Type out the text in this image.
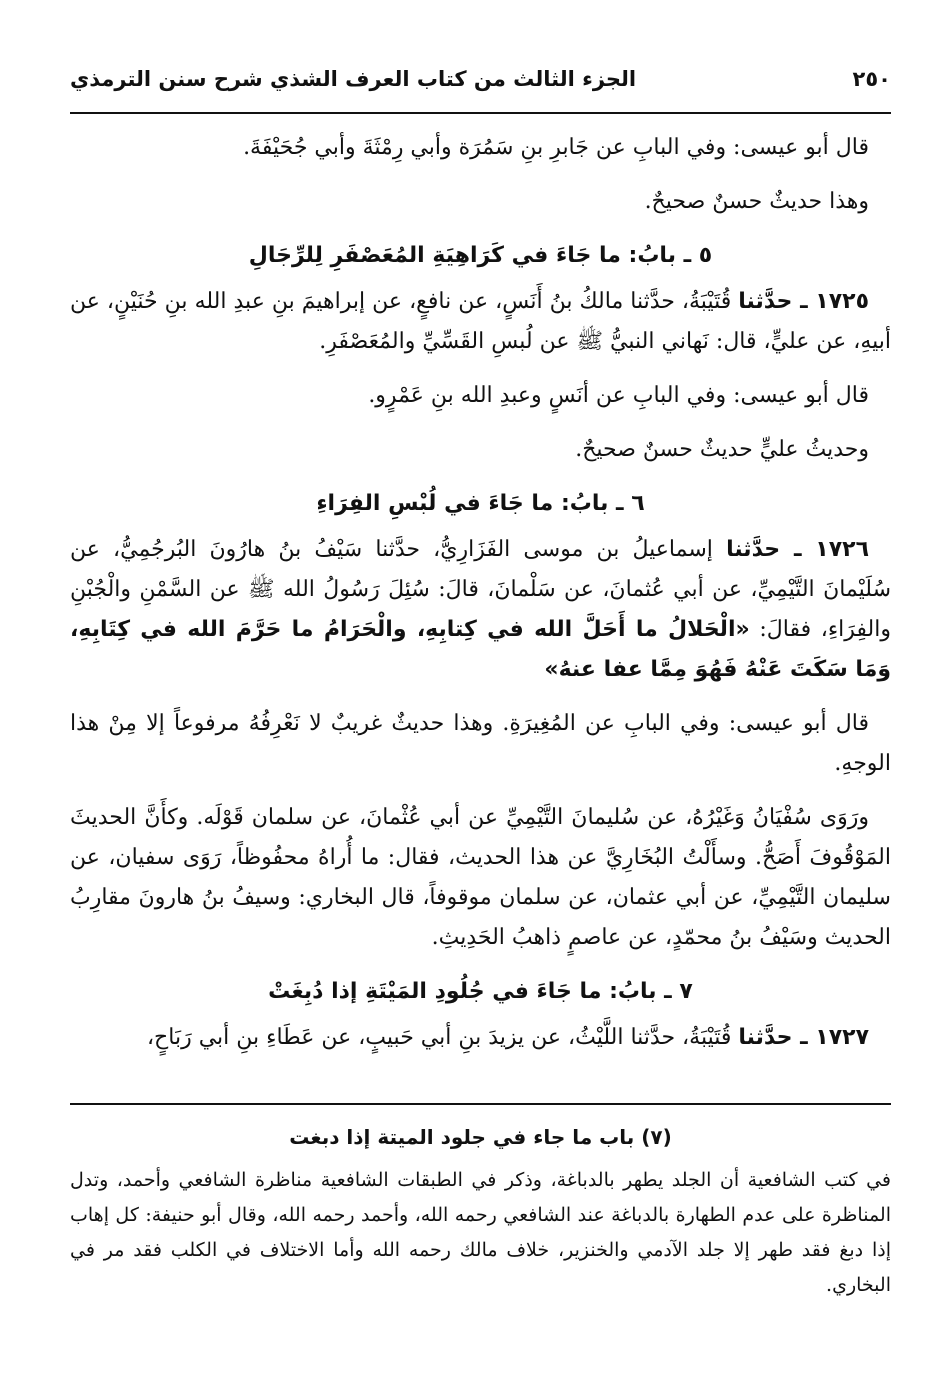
٢٥٠
الجزء الثالث من كتاب العرف الشذي شرح سنن الترمذي

قال أبو عيسى: وفي البابِ عن جَابرِ بنِ سَمُرَة وأبي رِمْثَةَ وأبي جُحَيْفَةَ.

وهذا حديثٌ حسنٌ صحيحٌ.

٥ ـ بابُ: ما جَاءَ في كَرَاهِيَةِ المُعَصْفَرِ لِلرِّجَالِ

١٧٢٥ ـ حدَّثنا قُتَيْبَةُ، حدَّثنا مالكُ بنُ أَنَسٍ، عن نافعٍ، عن إبراهيمَ بنِ عبدِ الله بنِ حُنَيْنٍ، عن أبيهِ، عن عليٍّ، قال: نَهاني النبيُّ ﷺ عن لُبسِ القَسِّيِّ والمُعَصْفَرِ.

قال أبو عيسى: وفي البابِ عن أنَسٍ وعبدِ الله بنِ عَمْرٍو.

وحديثُ عليٍّ حديثٌ حسنٌ صحيحٌ.

٦ ـ بابُ: ما جَاءَ في لُبْسِ الفِرَاءِ

١٧٢٦ ـ حدَّثنا إسماعيلُ بن موسى الفَزَارِيُّ، حدَّثنا سَيْفُ بنُ هارُونَ البُرجُمِيُّ، عن سُلَيْمانَ التَّيْمِيِّ، عن أبي عُثمانَ، عن سَلْمانَ، قالَ: سُئِلَ رَسُولُ الله ﷺ عن السَّمْنِ والْجُبْنِ والفِرَاءِ، فقالَ: «الْحَلالُ ما أَحَلَّ الله في كِتابِهِ، والْحَرَامُ ما حَرَّمَ الله في كِتَابِهِ، وَمَا سَكَتَ عَنْهُ فَهُوَ مِمَّا عفا عنهُ»

قال أبو عيسى: وفي البابِ عن المُغِيرَةِ. وهذا حديثٌ غريبٌ لا نَعْرِفُهُ مرفوعاً إلا مِنْ هذا الوجهِ.

ورَوَى سُفْيَانُ وَغَيْرُهُ، عن سُليمانَ التَّيْمِيِّ عن أبي عُثْمانَ، عن سلمان قَوْلَه. وكأَنَّ الحديثَ المَوْقُوفَ أَصَحُّ. وسأَلْتُ البُخَارِيَّ عن هذا الحديث، فقال: ما أُراهُ محفُوظاً، رَوَى سفيان، عن سليمان التَّيْمِيِّ، عن أبي عثمان، عن سلمان موقوفاً، قال البخاري: وسيفُ بنُ هارونَ مقارِبُ الحديث وسَيْفُ بنُ محمّدٍ، عن عاصمٍ ذاهبُ الحَدِيثِ.

٧ ـ بابُ: ما جَاءَ في جُلُودِ المَيْتَةِ إذا دُبِغَتْ

١٧٢٧ ـ حدَّثنا قُتَيْبَةُ، حدَّثنا اللَّيْثُ، عن يزيدَ بنِ أبي حَبيبٍ، عن عَطَاءِ بنِ أبي رَبَاحٍ،

(٧) باب ما جاء في جلود الميتة إذا دبغت

في كتب الشافعية أن الجلد يطهر بالدباغة، وذكر في الطبقات الشافعية مناظرة الشافعي وأحمد، وتدل المناظرة على عدم الطهارة بالدباغة عند الشافعي رحمه الله، وأحمد رحمه الله، وقال أبو حنيفة: كل إهاب إذا دبغ فقد طهر إلا جلد الآدمي والخنزير، خلاف مالك رحمه الله وأما الاختلاف في الكلب فقد مر في البخاري.
